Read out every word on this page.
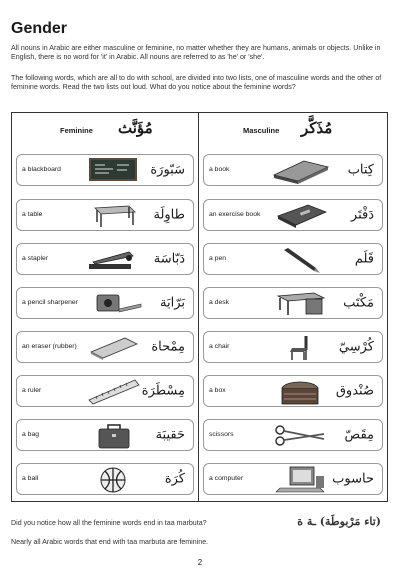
Gender
All nouns in Arabic are either masculine or feminine, no matter whether they are humans, animals or objects. Unlike in English, there is no word for 'it' in Arabic. All nouns are referred to as 'he' or 'she'.
The following words, which are all to do with school, are divided into two lists, one of masculine words and the other of feminine words. Read the two lists out loud. What do you notice about the feminine words?
Feminine مُؤَنَّث
a blackboard	سَبّورَة
a table	طاوِلَة
a stapler	دَبّاسَة
a pencil sharpener	بَرّايَة
an eraser (rubber)	مِمْحاة
a ruler	مِسْطَرَة
a bag	حَقيبَة
a ball	كُرَة
Masculine مُذَكَّر
a book	كِتاب
an exercise book	دَفْتَر
a pen	قَلَم
a desk	مَكْتَب
a chair	كُرْسِيّ
a box	صُنْدوق
scissors	مِقَصّ
a computer	حاسوب
Did you notice how all the feminine words end in taa marbuta?	(تاء مَرْبوطَة) ـة ة
Nearly all Arabic words that end with taa marbuta are feminine.
2
